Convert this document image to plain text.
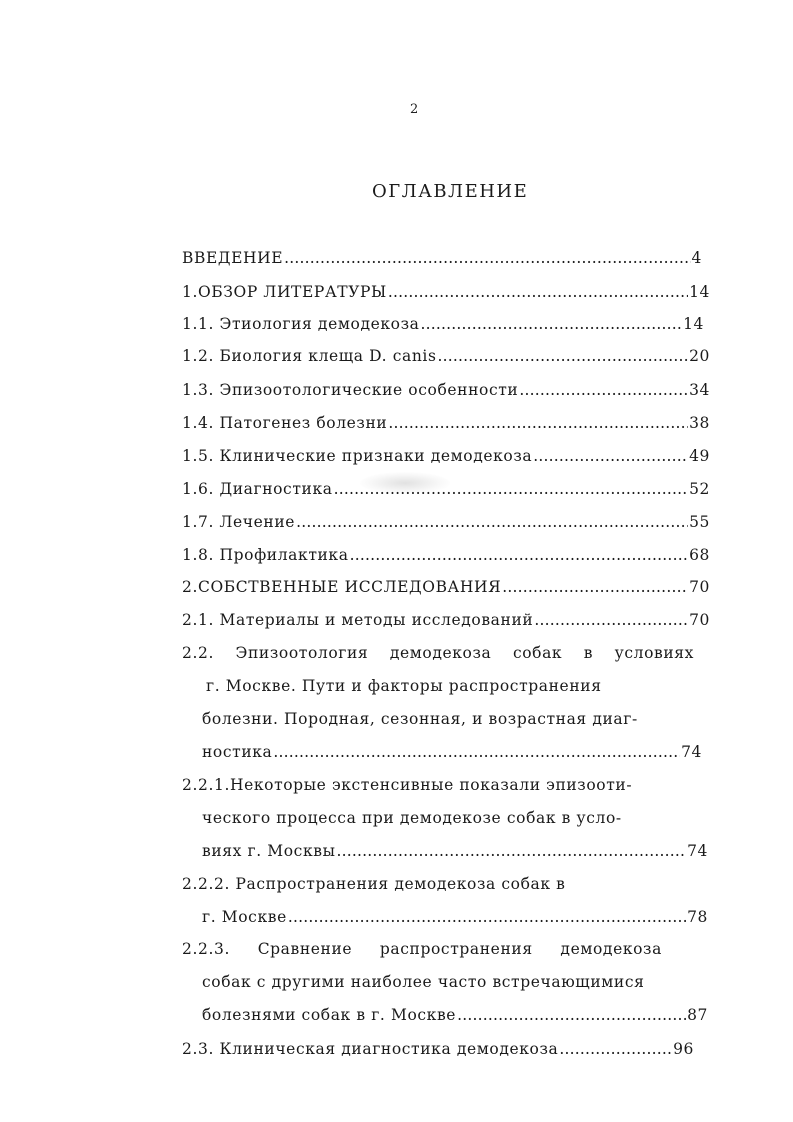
2
ОГЛАВЛЕНИЕ
ВВЕДЕНИЕ .....	4
1.ОБЗОР ЛИТЕРАТУРЫ .....	14
1.1. Этиология демодекоза .....	14
1.2. Биология клеща D. canis .....	20
1.3. Эпизоотологические особенности .....	34
1.4. Патогенез болезни .....	38
1.5. Клинические признаки демодекоза .....	49
1.6. Диагностика .....	52
1.7. Лечение .....	55
1.8. Профилактика .....	68
2.СОБСТВЕННЫЕ ИССЛЕДОВАНИЯ .....	70
2.1. Материалы и методы исследований .....	70
2.2. Эпизоотология демодекоза собак в условиях
г. Москве. Пути и факторы распространения
болезни. Породная, сезонная, и возрастная диаг-
ностика .....	74
2.2.1.Некоторые экстенсивные показали эпизооти-
ческого процесса при демодекозе собак в усло-
виях г. Москвы .....	74
2.2.2. Распространения демодекоза собак в
г. Москве .....	78
2.2.3. Сравнение распространения демодекоза
собак с другими наиболее часто встречающимися
болезнями собак в г. Москве .....	87
2.3. Клиническая диагностика демодекоза .....	96
